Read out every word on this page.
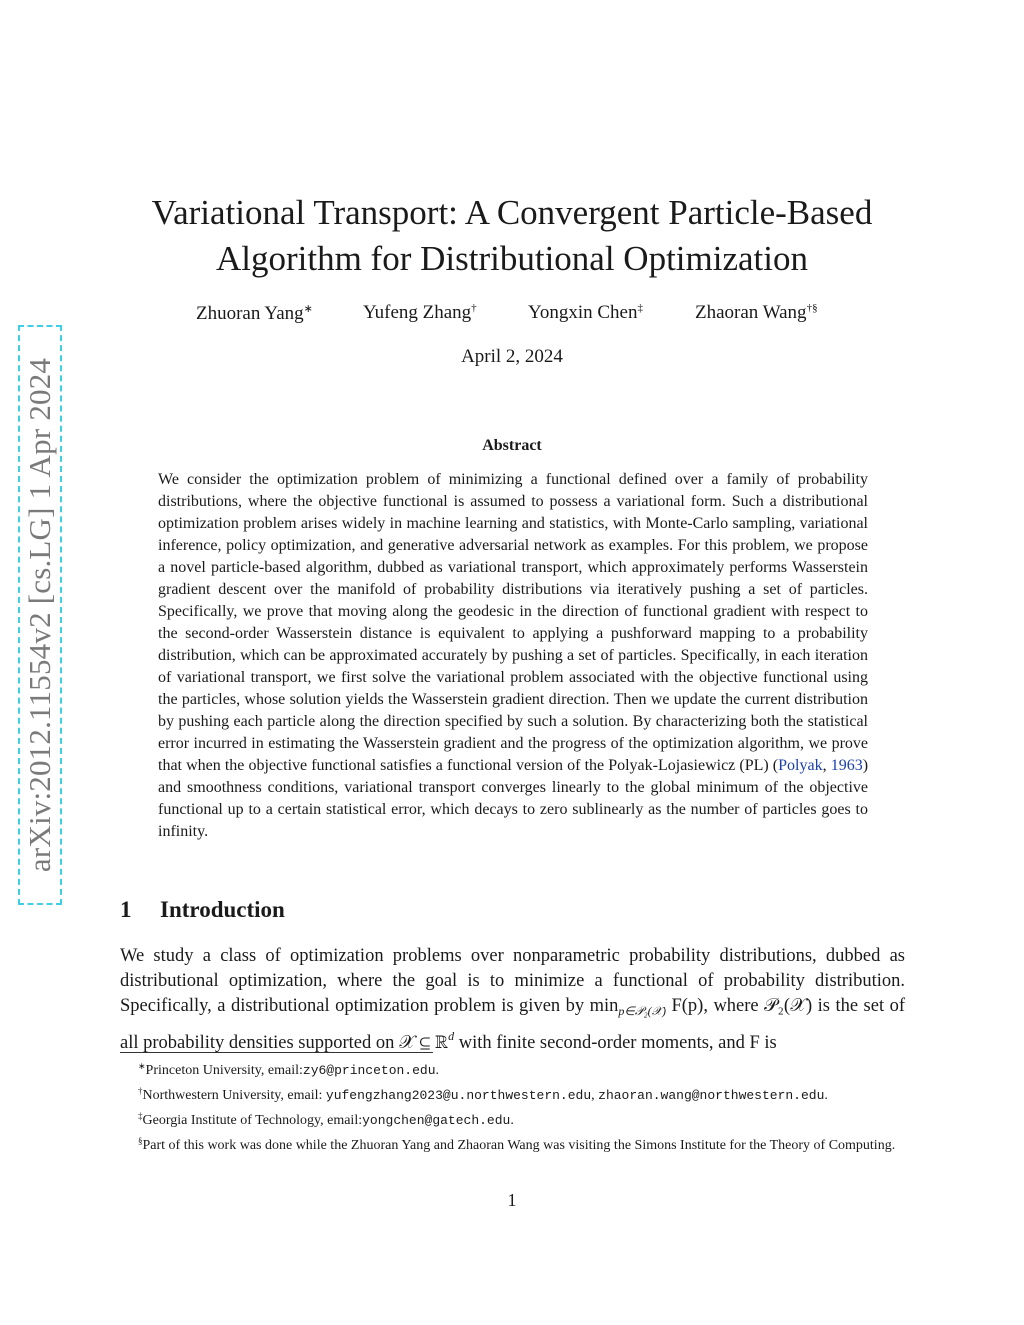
arXiv:2012.11554v2 [cs.LG] 1 Apr 2024
Variational Transport: A Convergent Particle-Based
Algorithm for Distributional Optimization
Zhuoran Yang∗	Yufeng Zhang†	Yongxin Chen‡	Zhaoran Wang†§
April 2, 2024
Abstract

We consider the optimization problem of minimizing a functional defined over a family of probability distributions, where the objective functional is assumed to possess a variational form. Such a distributional optimization problem arises widely in machine learning and statistics, with Monte-Carlo sampling, variational inference, policy optimization, and generative adversarial network as examples. For this problem, we propose a novel particle-based algorithm, dubbed as variational transport, which approximately performs Wasserstein gradient descent over the manifold of probability distributions via iteratively pushing a set of particles. Specifically, we prove that moving along the geodesic in the direction of functional gradient with respect to the second-order Wasserstein distance is equivalent to applying a pushforward mapping to a probability distribution, which can be approximated accurately by pushing a set of particles. Specifically, in each iteration of variational transport, we first solve the variational problem associated with the objective functional using the particles, whose solution yields the Wasserstein gradient direction. Then we update the current distribution by pushing each particle along the direction specified by such a solution. By characterizing both the statistical error incurred in estimating the Wasserstein gradient and the progress of the optimization algorithm, we prove that when the objective functional satisfies a functional version of the Polyak-Lojasiewicz (PL) (Polyak, 1963) and smoothness conditions, variational transport converges linearly to the global minimum of the objective functional up to a certain statistical error, which decays to zero sublinearly as the number of particles goes to infinity.

1 Introduction

We study a class of optimization problems over nonparametric probability distributions, dubbed as distributional optimization, where the goal is to minimize a functional of probability distribution. Specifically, a distributional optimization problem is given by $\min_{p\in 𝒫_2(𝒳)} F(p)$, where 𝒫₂(𝒳) is the set of all probability densities supported on 𝒳 ⊆ ℝ$^d$ with finite second-order moments, and F is

∗Princeton University, email:zy6@princeton.edu.

†Northwestern University, email: yufengzhang2023@u.northwestern.edu, zhaoran.wang@northwestern.edu.

‡Georgia Institute of Technology, email:yongchen@gatech.edu.

§Part of this work was done while the Zhuoran Yang and Zhaoran Wang was visiting the Simons Institute for the Theory of Computing.

1
